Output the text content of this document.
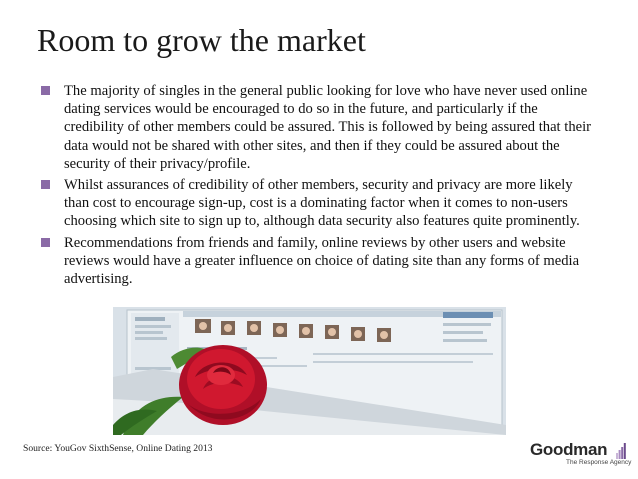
Room to grow the market
The majority of singles in the general public looking for love who have never used online dating services would be encouraged to do so in the future, and particularly if the credibility of other members could be assured. This is followed by being assured that their data would not be shared with other sites, and then if they could be assured about the security of their privacy/profile.
Whilst assurances of credibility of other members, security and privacy are more likely than cost to encourage sign-up, cost is a dominating factor when it comes to non-users choosing which site to sign up to, although data security also features quite prominently.
Recommendations from friends and family, online reviews by other users and website reviews would have a greater influence on choice of dating site than any forms of media advertising.
Source: YouGov SixthSense, Online Dating 2013	Goodman
The Response Agency
